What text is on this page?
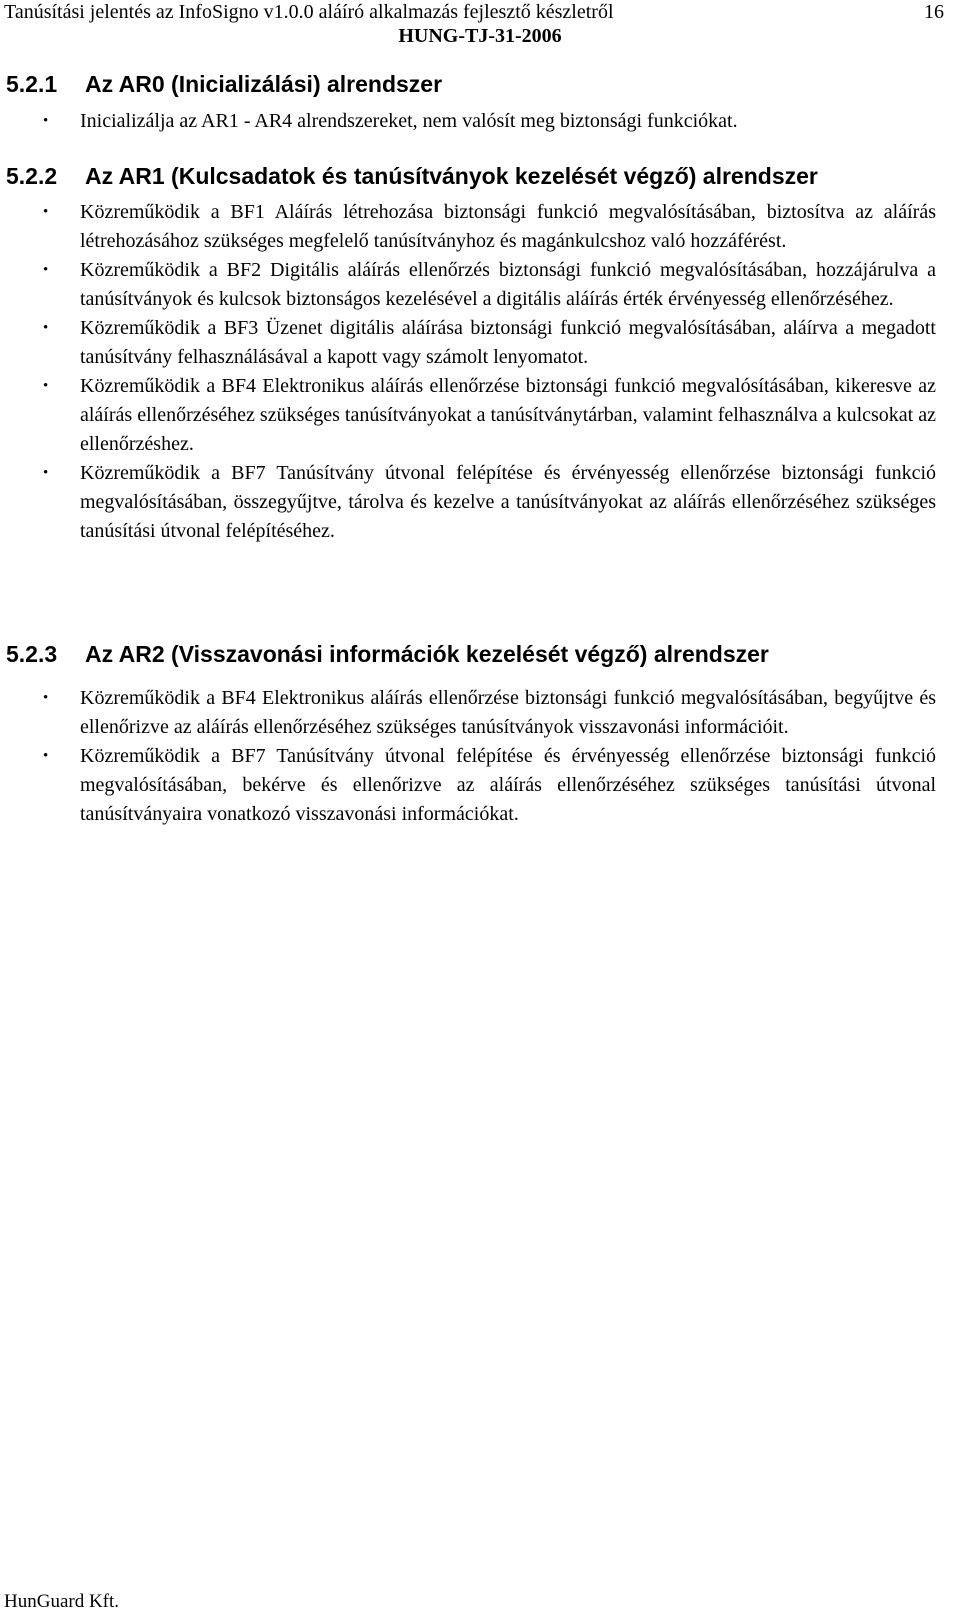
Tanúsítási jelentés az InfoSigno v1.0.0 aláíró alkalmazás fejlesztő készletről	16
HUNG-TJ-31-2006
5.2.1 Az AR0 (Inicializálási) alrendszer
• Inicializálja az AR1 - AR4 alrendszereket, nem valósít meg biztonsági funkciókat.
5.2.2 Az AR1 (Kulcsadatok és tanúsítványok kezelését végző) alrendszer
• Közreműködik a BF1 Aláírás létrehozása biztonsági funkció megvalósításában, biztosítva az aláírás létrehozásához szükséges megfelelő tanúsítványhoz és magánkulcshoz való hozzáférést.
• Közreműködik a BF2 Digitális aláírás ellenőrzés biztonsági funkció megvalósításában, hozzájárulva a tanúsítványok és kulcsok biztonságos kezelésével a digitális aláírás érték érvényesség ellenőrzéséhez.
• Közreműködik a BF3 Üzenet digitális aláírása biztonsági funkció megvalósításában, aláírva a megadott tanúsítvány felhasználásával a kapott vagy számolt lenyomatot.
• Közreműködik a BF4 Elektronikus aláírás ellenőrzése biztonsági funkció megvalósításában, kikeresve az aláírás ellenőrzéséhez szükséges tanúsítványokat a tanúsítványtárban, valamint felhasználva a kulcsokat az ellenőrzéshez.
• Közreműködik a BF7 Tanúsítvány útvonal felépítése és érvényesség ellenőrzése biztonsági funkció megvalósításában, összegyűjtve, tárolva és kezelve a tanúsítványokat az aláírás ellenőrzéséhez szükséges tanúsítási útvonal felépítéséhez.
5.2.3 Az AR2 (Visszavonási információk kezelését végző) alrendszer
• Közreműködik a BF4 Elektronikus aláírás ellenőrzése biztonsági funkció megvalósításában, begyűjtve és ellenőrizve az aláírás ellenőrzéséhez szükséges tanúsítványok visszavonási információit.
• Közreműködik a BF7 Tanúsítvány útvonal felépítése és érvényesség ellenőrzése biztonsági funkció megvalósításában, bekérve és ellenőrizve az aláírás ellenőrzéséhez szükséges tanúsítási útvonal tanúsítványaira vonatkozó visszavonási információkat.
HunGuard Kft.
